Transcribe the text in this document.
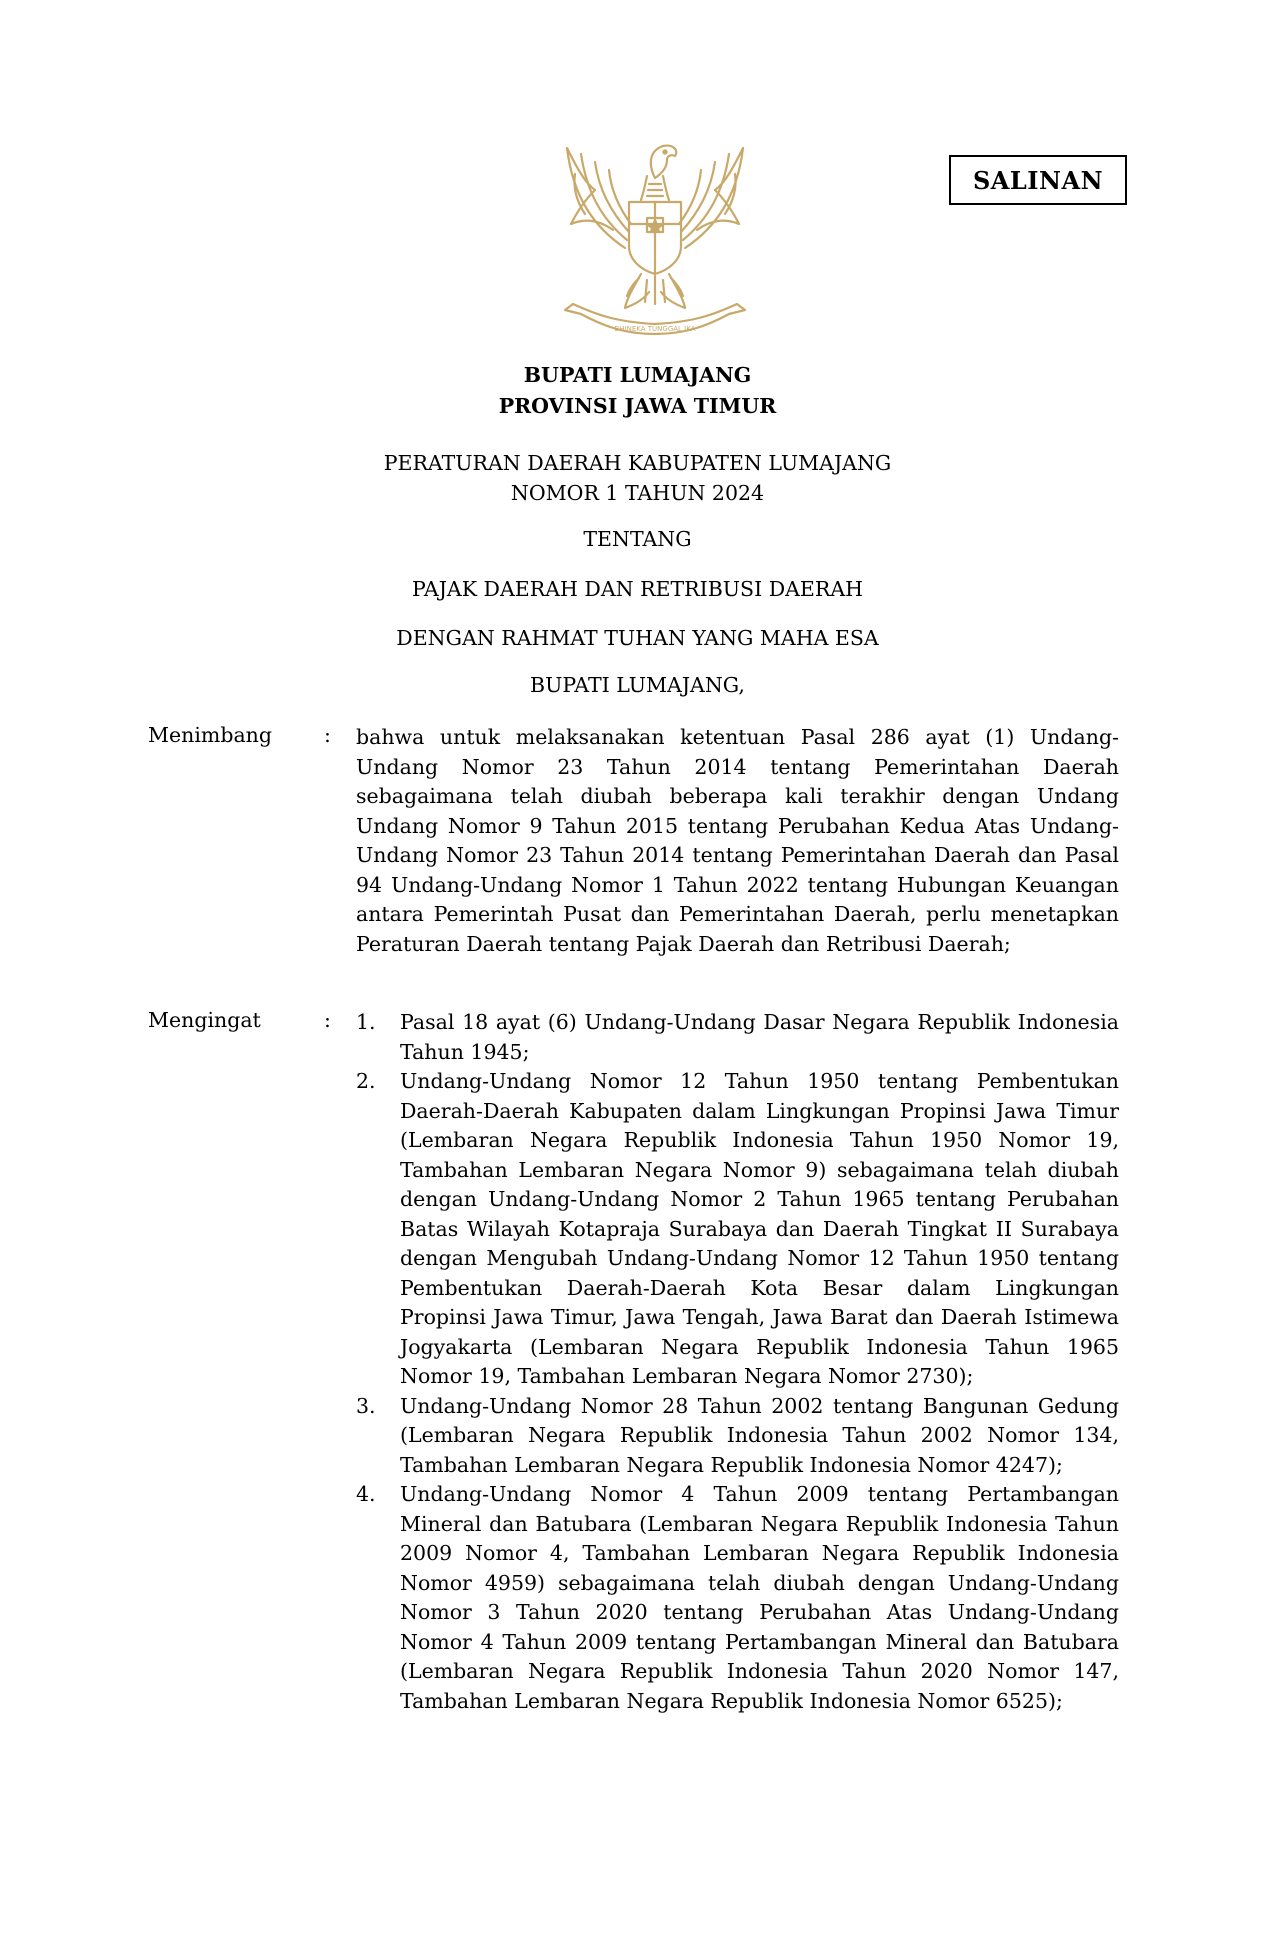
BHINEKA TUNGGAL IKA
SALINAN
BUPATI LUMAJANG
PROVINSI JAWA TIMUR
PERATURAN DAERAH KABUPATEN LUMAJANG
NOMOR 1 TAHUN 2024
TENTANG
PAJAK DAERAH DAN RETRIBUSI DAERAH
DENGAN RAHMAT TUHAN YANG MAHA ESA
BUPATI LUMAJANG,
Menimbang	: bahwa untuk melaksanakan ketentuan Pasal 286 ayat (1) Undang-Undang Nomor 23 Tahun 2014 tentang Pemerintahan Daerah sebagaimana telah diubah beberapa kali terakhir dengan Undang Undang Nomor 9 Tahun 2015 tentang Perubahan Kedua Atas Undang-Undang Nomor 23 Tahun 2014 tentang Pemerintahan Daerah dan Pasal 94 Undang-Undang Nomor 1 Tahun 2022 tentang Hubungan Keuangan antara Pemerintah Pusat dan Pemerintahan Daerah, perlu menetapkan Peraturan Daerah tentang Pajak Daerah dan Retribusi Daerah;
Mengingat	: 1. Pasal 18 ayat (6) Undang-Undang Dasar Negara Republik Indonesia Tahun 1945;
2. Undang-Undang Nomor 12 Tahun 1950 tentang Pembentukan Daerah-Daerah Kabupaten dalam Lingkungan Propinsi Jawa Timur (Lembaran Negara Republik Indonesia Tahun 1950 Nomor 19, Tambahan Lembaran Negara Nomor 9) sebagaimana telah diubah dengan Undang-Undang Nomor 2 Tahun 1965 tentang Perubahan Batas Wilayah Kotapraja Surabaya dan Daerah Tingkat II Surabaya dengan Mengubah Undang-Undang Nomor 12 Tahun 1950 tentang Pembentukan Daerah-Daerah Kota Besar dalam Lingkungan Propinsi Jawa Timur, Jawa Tengah, Jawa Barat dan Daerah Istimewa Jogyakarta (Lembaran Negara Republik Indonesia Tahun 1965 Nomor 19, Tambahan Lembaran Negara Nomor 2730);
3. Undang-Undang Nomor 28 Tahun 2002 tentang Bangunan Gedung (Lembaran Negara Republik Indonesia Tahun 2002 Nomor 134, Tambahan Lembaran Negara Republik Indonesia Nomor 4247);
4. Undang-Undang Nomor 4 Tahun 2009 tentang Pertambangan Mineral dan Batubara (Lembaran Negara Republik Indonesia Tahun 2009 Nomor 4, Tambahan Lembaran Negara Republik Indonesia Nomor 4959) sebagaimana telah diubah dengan Undang-Undang Nomor 3 Tahun 2020 tentang Perubahan Atas Undang-Undang Nomor 4 Tahun 2009 tentang Pertambangan Mineral dan Batubara (Lembaran Negara Republik Indonesia Tahun 2020 Nomor 147, Tambahan Lembaran Negara Republik Indonesia Nomor 6525);
